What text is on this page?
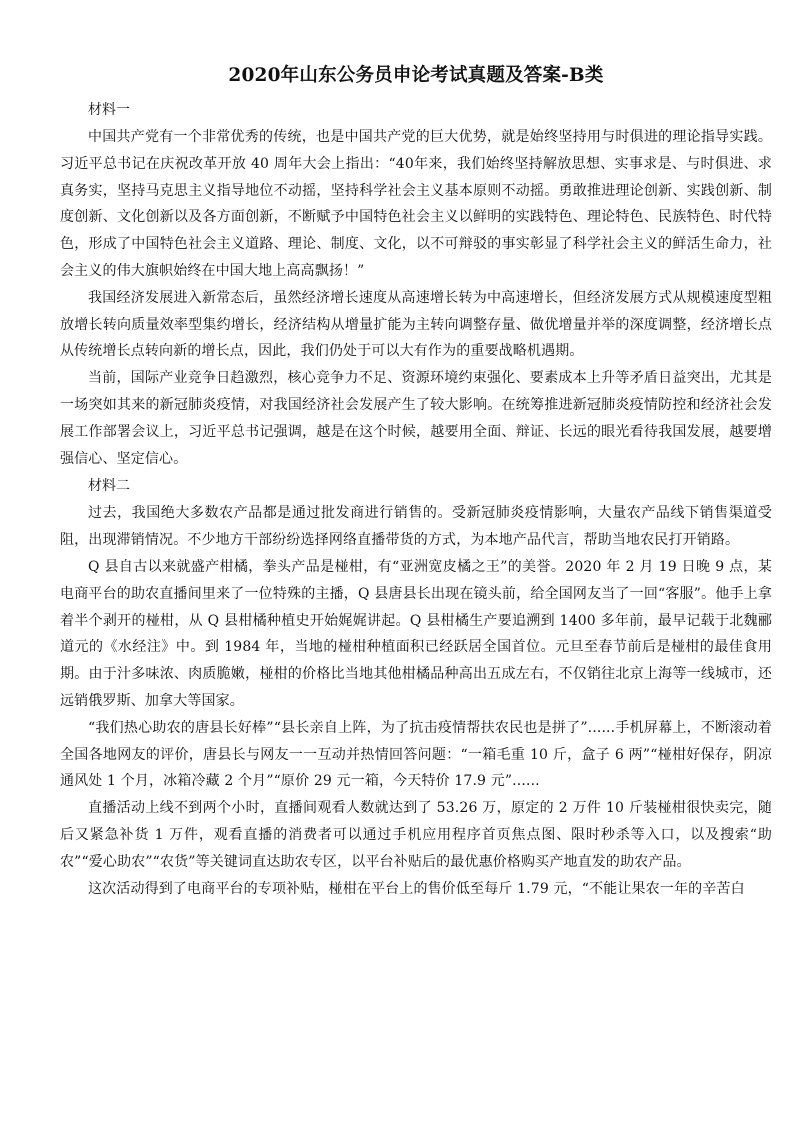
2020年山东公务员申论考试真题及答案-B类

材料一

中国共产党有一个非常优秀的传统，也是中国共产党的巨大优势，就是始终坚持用与时俱进的理论指导实践。习近平总书记在庆祝改革开放 40 周年大会上指出：“40年来，我们始终坚持解放思想、实事求是、与时俱进、求真务实，坚持马克思主义指导地位不动摇，坚持科学社会主义基本原则不动摇。勇敢推进理论创新、实践创新、制度创新、文化创新以及各方面创新，不断赋予中国特色社会主义以鲜明的实践特色、理论特色、民族特色、时代特色，形成了中国特色社会主义道路、理论、制度、文化，以不可辩驳的事实彰显了科学社会主义的鲜活生命力，社会主义的伟大旗帜始终在中国大地上高高飘扬！”

我国经济发展进入新常态后，虽然经济增长速度从高速增长转为中高速增长，但经济发展方式从规模速度型粗放增长转向质量效率型集约增长，经济结构从增量扩能为主转向调整存量、做优增量并举的深度调整，经济增长点从传统增长点转向新的增长点，因此，我们仍处于可以大有作为的重要战略机遇期。

当前，国际产业竞争日趋激烈，核心竞争力不足、资源环境约束强化、要素成本上升等矛盾日益突出，尤其是一场突如其来的新冠肺炎疫情，对我国经济社会发展产生了较大影响。在统筹推进新冠肺炎疫情防控和经济社会发展工作部署会议上，习近平总书记强调，越是在这个时候，越要用全面、辩证、长远的眼光看待我国发展，越要增强信心、坚定信心。

材料二

过去，我国绝大多数农产品都是通过批发商进行销售的。受新冠肺炎疫情影响，大量农产品线下销售渠道受阻，出现滞销情况。不少地方干部纷纷选择网络直播带货的方式，为本地产品代言，帮助当地农民打开销路。

Q 县自古以来就盛产柑橘，拳头产品是椪柑，有“亚洲宽皮橘之王”的美誉。2020 年 2 月 19 日晚 9 点，某电商平台的助农直播间里来了一位特殊的主播，Q 县唐县长出现在镜头前，给全国网友当了一回“客服”。他手上拿着半个剥开的椪柑，从 Q 县柑橘种植史开始娓娓讲起。Q 县柑橘生产要追溯到 1400 多年前，最早记载于北魏郦道元的《水经注》中。到 1984 年，当地的椪柑种植面积已经跃居全国首位。元旦至春节前后是椪柑的最佳食用期。由于汁多味浓、肉质脆嫩，椪柑的价格比当地其他柑橘品种高出五成左右，不仅销往北京上海等一线城市，还远销俄罗斯、加拿大等国家。

“我们热心助农的唐县长好棒”“县长亲自上阵，为了抗击疫情帮扶农民也是拼了”......手机屏幕上，不断滚动着全国各地网友的评价，唐县长与网友一一互动并热情回答问题：“一箱毛重 10 斤，盒子 6 两”“椪柑好保存，阴凉通风处 1 个月，冰箱冷藏 2 个月”“原价 29 元一箱，今天特价 17.9 元”......

直播活动上线不到两个小时，直播间观看人数就达到了 53.26 万，原定的 2 万件 10 斤装椪柑很快卖完，随后又紧急补货 1 万件，观看直播的消费者可以通过手机应用程序首页焦点图、限时秒杀等入口，以及搜索“助农”“爱心助农”“农货”等关键词直达助农专区，以平台补贴后的最优惠价格购买产地直发的助农产品。

这次活动得到了电商平台的专项补贴，椪柑在平台上的售价低至每斤 1.79 元，“不能让果农一年的辛苦白
